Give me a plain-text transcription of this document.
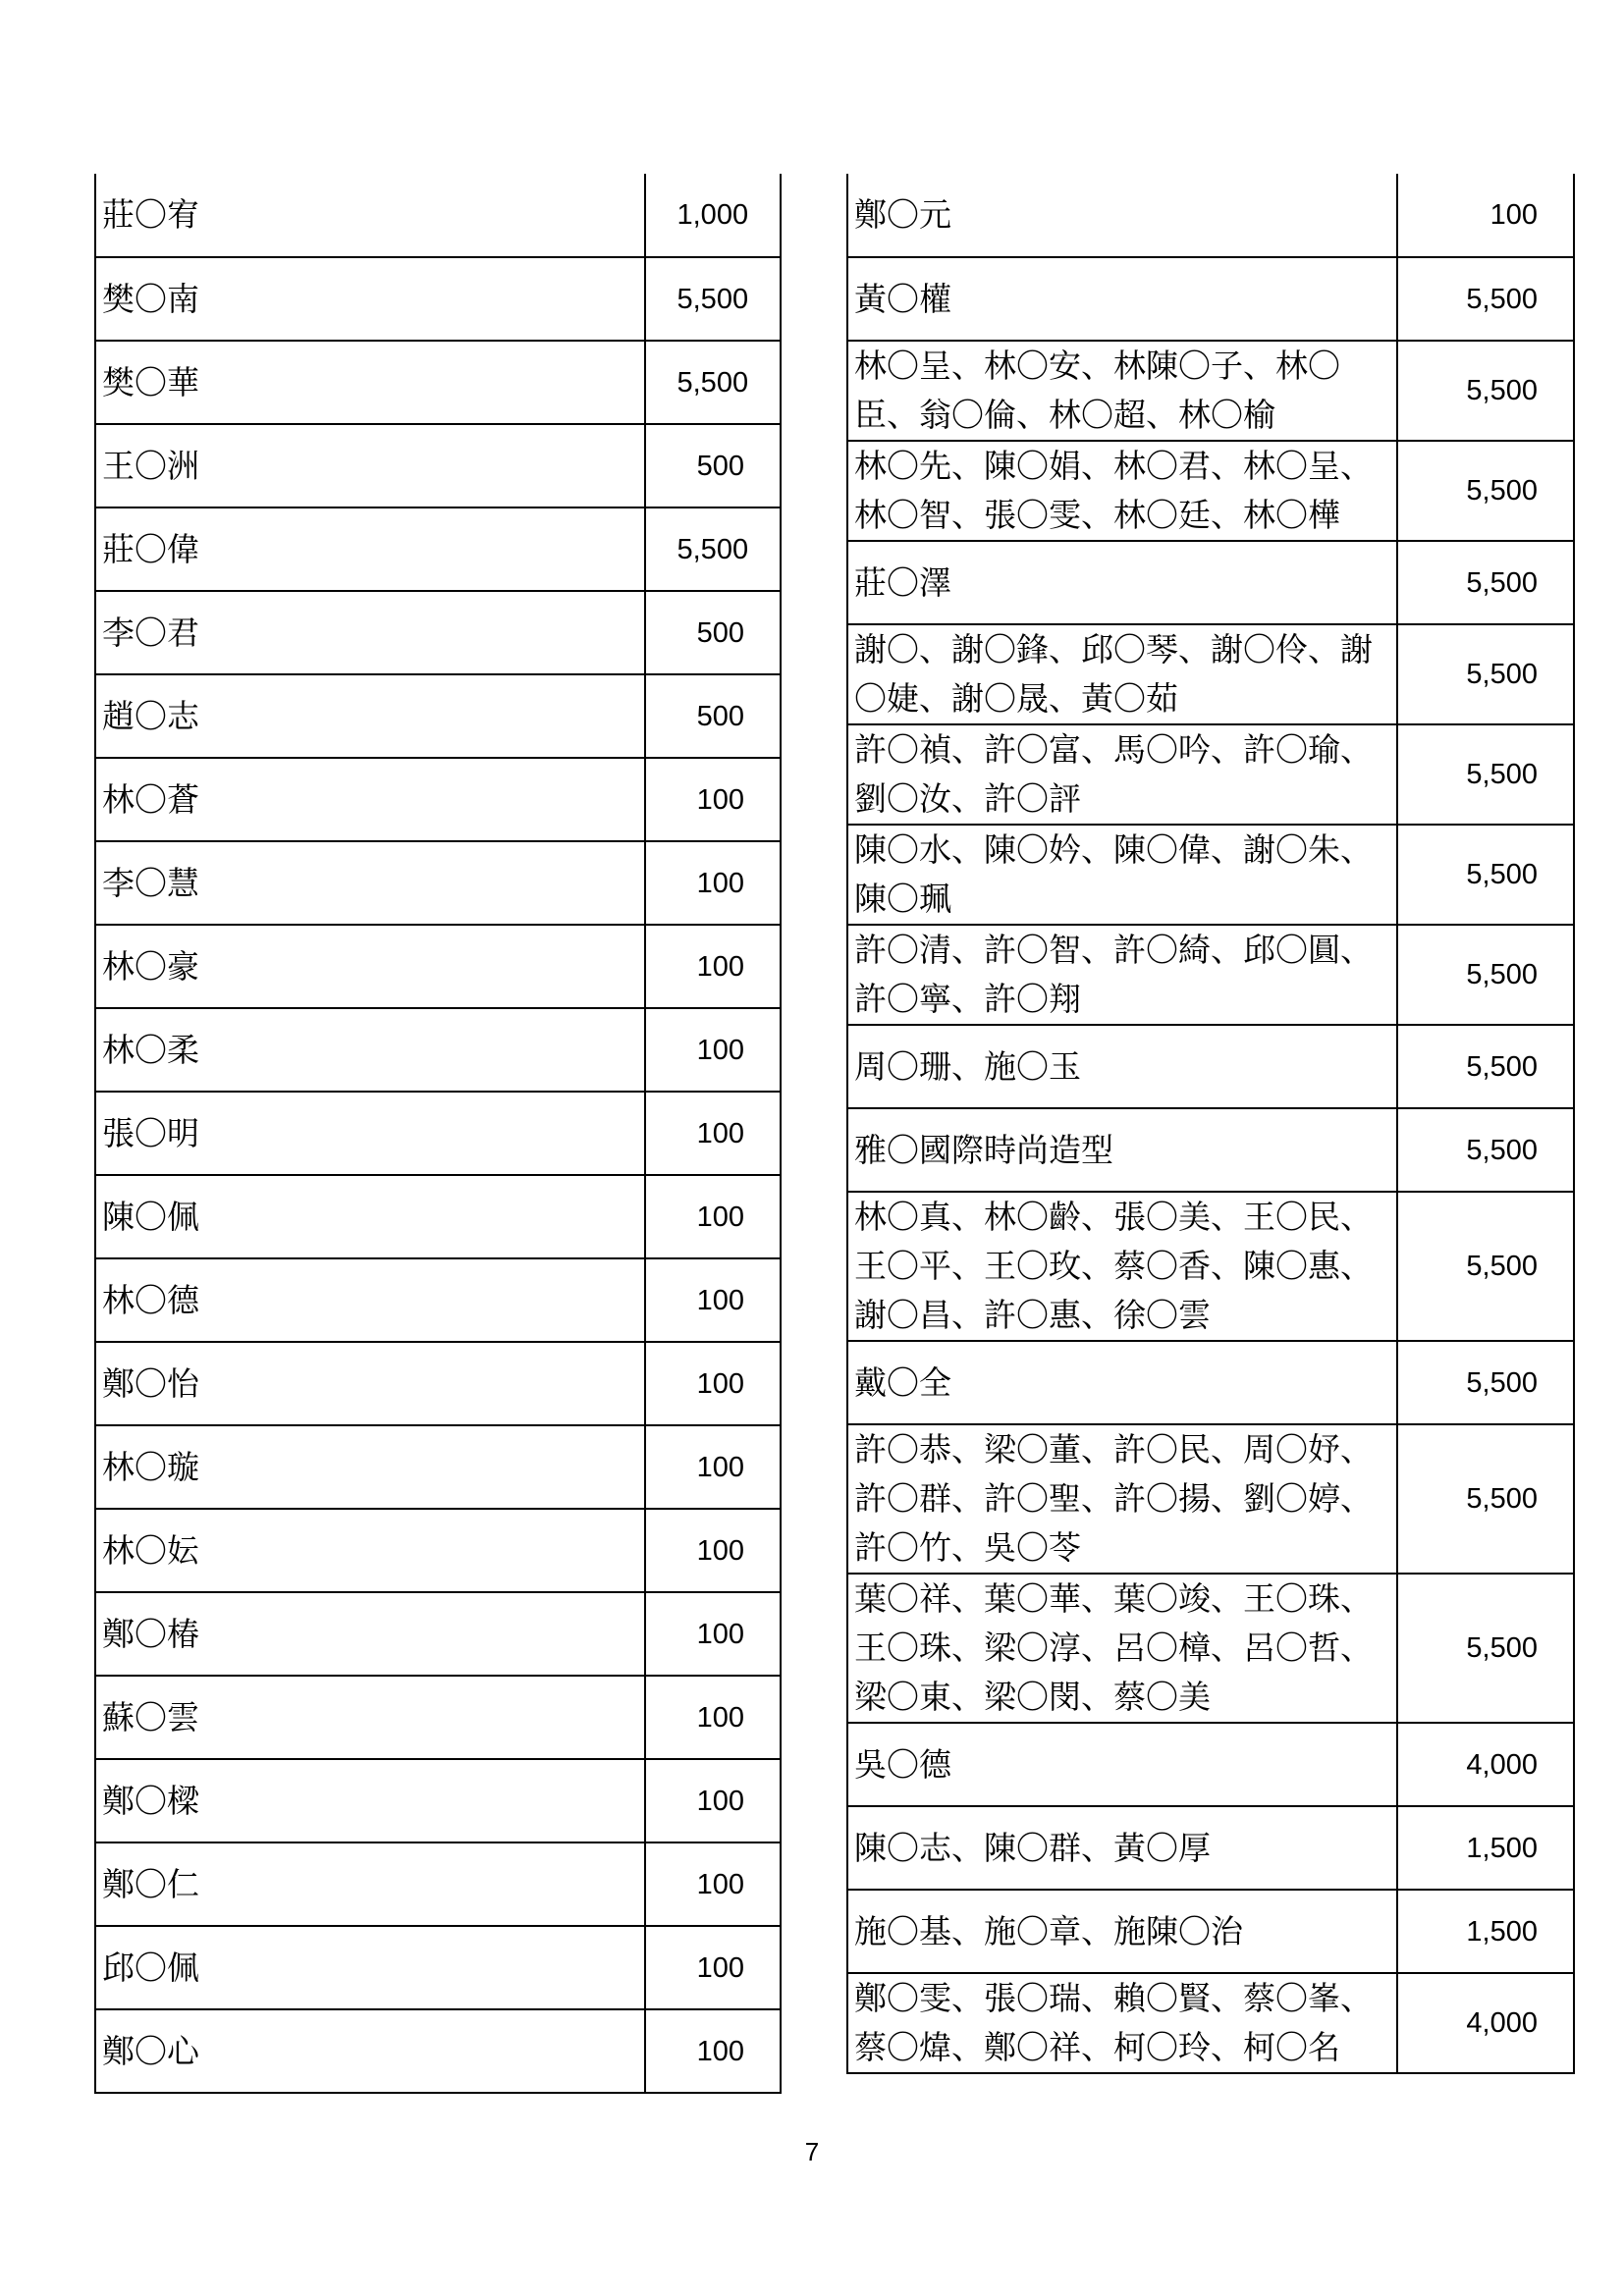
莊〇宥	1,000
樊〇南	5,500
樊〇華	5,500
王〇洲	500
莊〇偉	5,500
李〇君	500
趙〇志	500
林〇蒼	100
李〇慧	100
林〇豪	100
林〇柔	100
張〇明	100
陳〇佩	100
林〇德	100
鄭〇怡	100
林〇璇	100
林〇妘	100
鄭〇椿	100
蘇〇雲	100
鄭〇樑	100
鄭〇仁	100
邱〇佩	100
鄭〇心	100
鄭〇元	100
黃〇權	5,500
林〇呈、林〇安、林陳〇子、林〇臣、翁〇倫、林〇超、林〇榆	5,500
林〇先、陳〇娟、林〇君、林〇呈、林〇智、張〇雯、林〇廷、林〇樺	5,500
莊〇澤	5,500
謝〇、謝〇鋒、邱〇琴、謝〇伶、謝〇婕、謝〇晟、黃〇茹	5,500
許〇禎、許〇富、馬〇吟、許〇瑜、劉〇汝、許〇評	5,500
陳〇水、陳〇妗、陳〇偉、謝〇朱、陳〇珮	5,500
許〇清、許〇智、許〇綺、邱〇圓、許〇寧、許〇翔	5,500
周〇珊、施〇玉	5,500
雅〇國際時尚造型	5,500
林〇真、林〇齡、張〇美、王〇民、王〇平、王〇玫、蔡〇香、陳〇惠、謝〇昌、許〇惠、徐〇雲	5,500
戴〇全	5,500
許〇恭、梁〇董、許〇民、周〇妤、許〇群、許〇聖、許〇揚、劉〇婷、許〇竹、吳〇苓	5,500
葉〇祥、葉〇華、葉〇竣、王〇珠、王〇珠、梁〇淳、呂〇樟、呂〇哲、梁〇東、梁〇閔、蔡〇美	5,500
吳〇德	4,000
陳〇志、陳〇群、黃〇厚	1,500
施〇基、施〇章、施陳〇治	1,500
鄭〇雯、張〇瑞、賴〇賢、蔡〇峯、蔡〇煒、鄭〇祥、柯〇玲、柯〇名	4,000
7
